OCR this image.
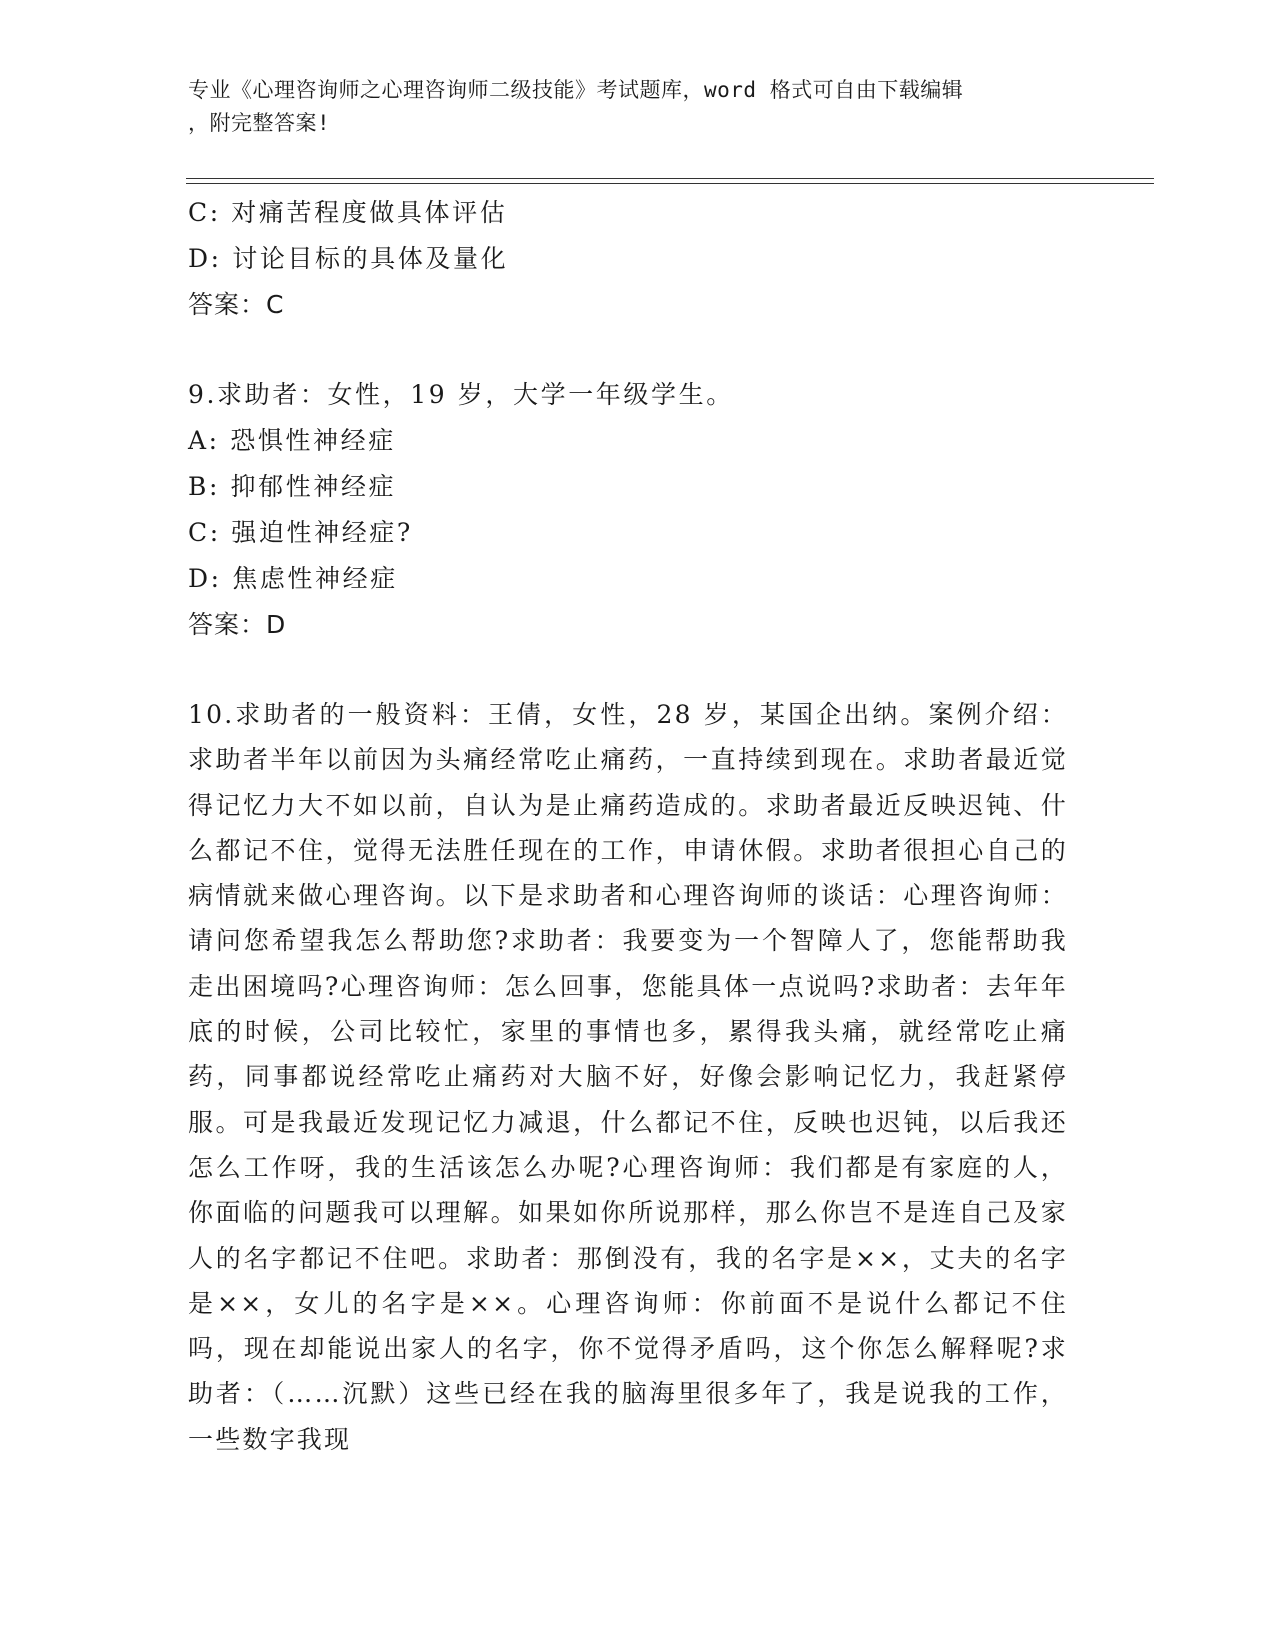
专业《心理咨询师之心理咨询师二级技能》考试题库，word 格式可自由下载编辑
，附完整答案!
C: 对痛苦程度做具体评估
D: 讨论目标的具体及量化
答案：C
9.求助者：女性，19 岁，大学一年级学生。
A: 恐惧性神经症
B: 抑郁性神经症
C: 强迫性神经症?
D: 焦虑性神经症
答案：D
10.求助者的一般资料：王倩，女性，28 岁，某国企出纳。案例介绍：求助者半年以前因为头痛经常吃止痛药，一直持续到现在。求助者最近觉得记忆力大不如以前，自认为是止痛药造成的。求助者最近反映迟钝、什么都记不住，觉得无法胜任现在的工作，申请休假。求助者很担心自己的病情就来做心理咨询。以下是求助者和心理咨询师的谈话：心理咨询师：请问您希望我怎么帮助您?求助者：我要变为一个智障人了，您能帮助我走出困境吗?心理咨询师：怎么回事，您能具体一点说吗?求助者：去年年底的时候，公司比较忙，家里的事情也多，累得我头痛，就经常吃止痛药，同事都说经常吃止痛药对大脑不好，好像会影响记忆力，我赶紧停服。可是我最近发现记忆力减退，什么都记不住，反映也迟钝，以后我还怎么工作呀，我的生活该怎么办呢?心理咨询师：我们都是有家庭的人，你面临的问题我可以理解。如果如你所说那样，那么你岂不是连自己及家人的名字都记不住吧。求助者：那倒没有，我的名字是××，丈夫的名字是××，女儿的名字是××。心理咨询师：你前面不是说什么都记不住吗，现在却能说出家人的名字，你不觉得矛盾吗，这个你怎么解释呢?求助者：（……沉默）这些已经在我的脑海里很多年了，我是说我的工作，一些数字我现
